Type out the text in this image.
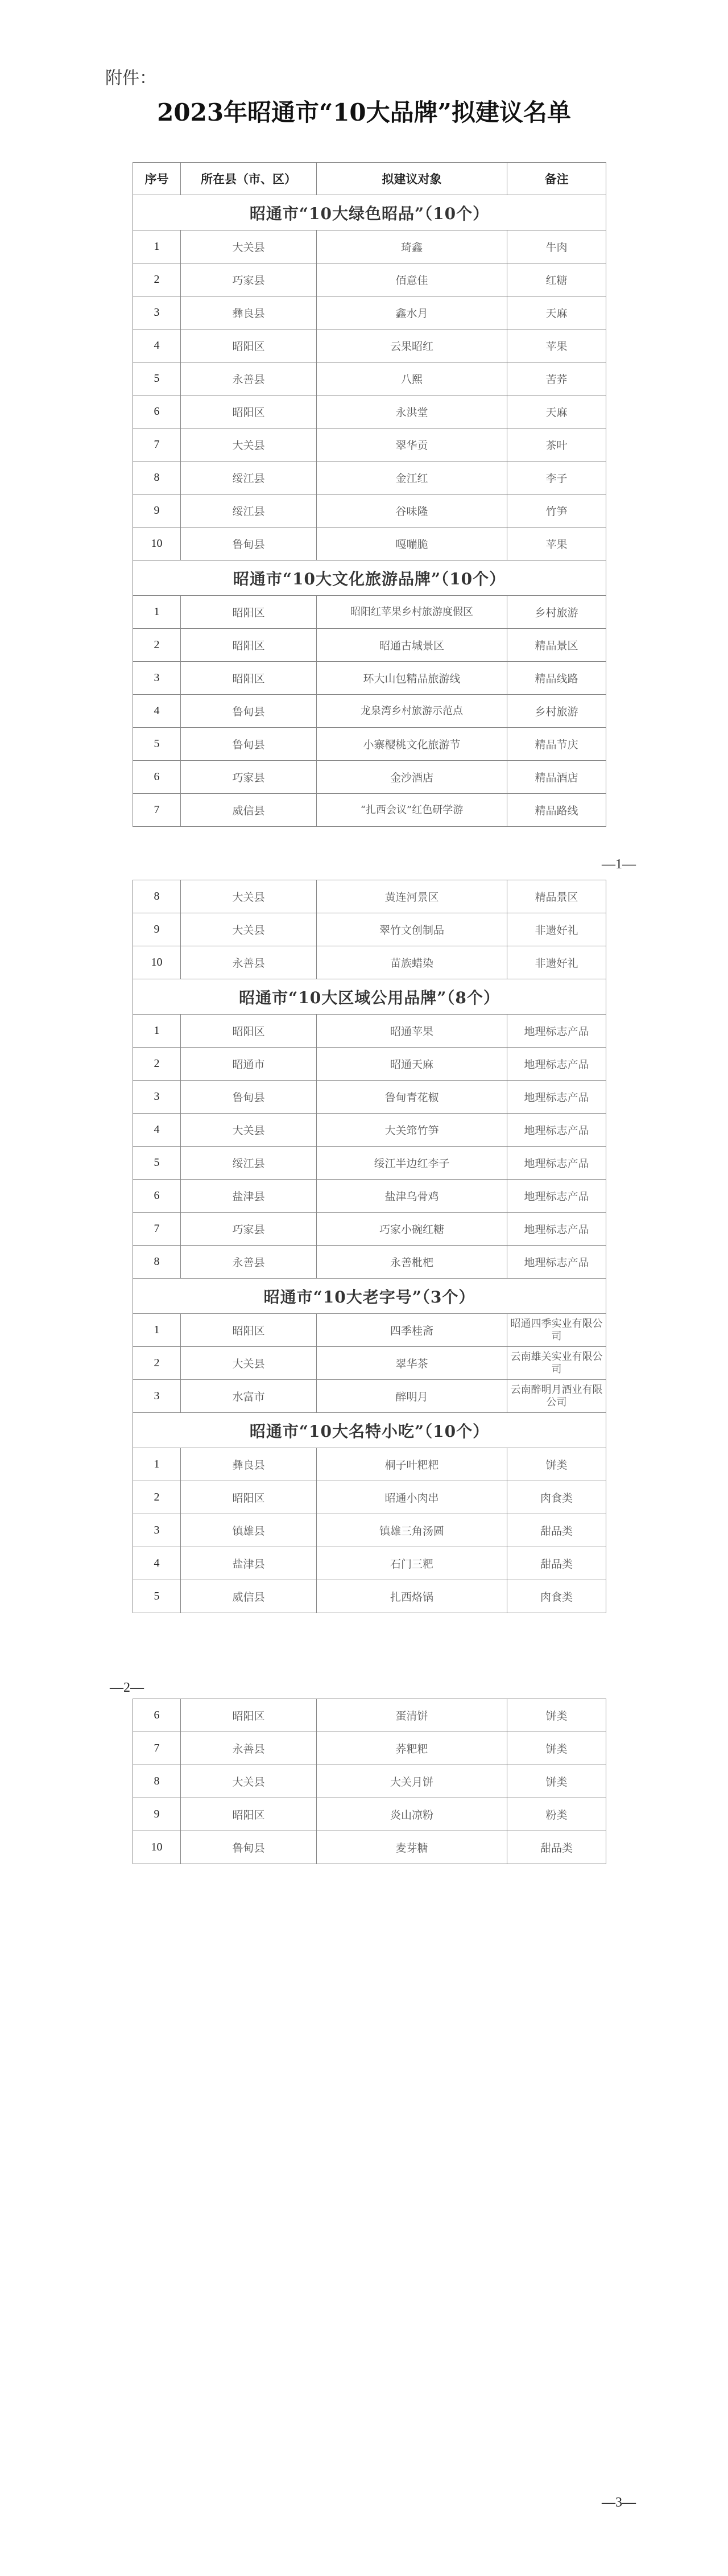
附件：
2023年昭通市“10大品牌”拟建议名单
序号	所在县（市、区）	拟建议对象	备注
昭通市“10大绿色昭品”（10个）			
1	大关县	琦鑫	牛肉
2	巧家县	佰意佳	红糖
3	彝良县	鑫水月	天麻
4	昭阳区	云果昭红	苹果
5	永善县	八熙	苦荞
6	昭阳区	永洪堂	天麻
7	大关县	翠华贡	茶叶
8	绥江县	金江红	李子
9	绥江县	谷味隆	竹笋
10	鲁甸县	嘎嘣脆	苹果
昭通市“10大文化旅游品牌”（10个）			
1	昭阳区	昭阳红苹果乡村旅游度假区	乡村旅游
2	昭阳区	昭通古城景区	精品景区
3	昭阳区	环大山包精品旅游线	精品线路
4	鲁甸县	龙泉湾乡村旅游示范点	乡村旅游
5	鲁甸县	小寨樱桃文化旅游节	精品节庆
6	巧家县	金沙酒店	精品酒店
7	威信县	“扎西会议”红色研学游	精品路线
—1—
8	大关县	黄连河景区	精品景区
9	大关县	翠竹文创制品	非遗好礼
10	永善县	苗族蜡染	非遗好礼
昭通市“10大区域公用品牌”（8个）			
1	昭阳区	昭通苹果	地理标志产品
2	昭通市	昭通天麻	地理标志产品
3	鲁甸县	鲁甸青花椒	地理标志产品
4	大关县	大关筇竹笋	地理标志产品
5	绥江县	绥江半边红李子	地理标志产品
6	盐津县	盐津乌骨鸡	地理标志产品
7	巧家县	巧家小碗红糖	地理标志产品
8	永善县	永善枇杷	地理标志产品
昭通市“10大老字号”（3个）			
1	昭阳区	四季桂斋	昭通四季实业有限公司
2	大关县	翠华茶	云南雄关实业有限公司
3	水富市	醉明月	云南醉明月酒业有限公司
昭通市“10大名特小吃”（10个）			
1	彝良县	桐子叶粑粑	饼类
2	昭阳区	昭通小肉串	肉食类
3	镇雄县	镇雄三角汤圆	甜品类
4	盐津县	石门三粑	甜品类
5	威信县	扎西烙锅	肉食类
—2—
6	昭阳区	蛋清饼	饼类
7	永善县	荞粑粑	饼类
8	大关县	大关月饼	饼类
9	昭阳区	炎山凉粉	粉类
10	鲁甸县	麦芽糖	甜品类
—3—
